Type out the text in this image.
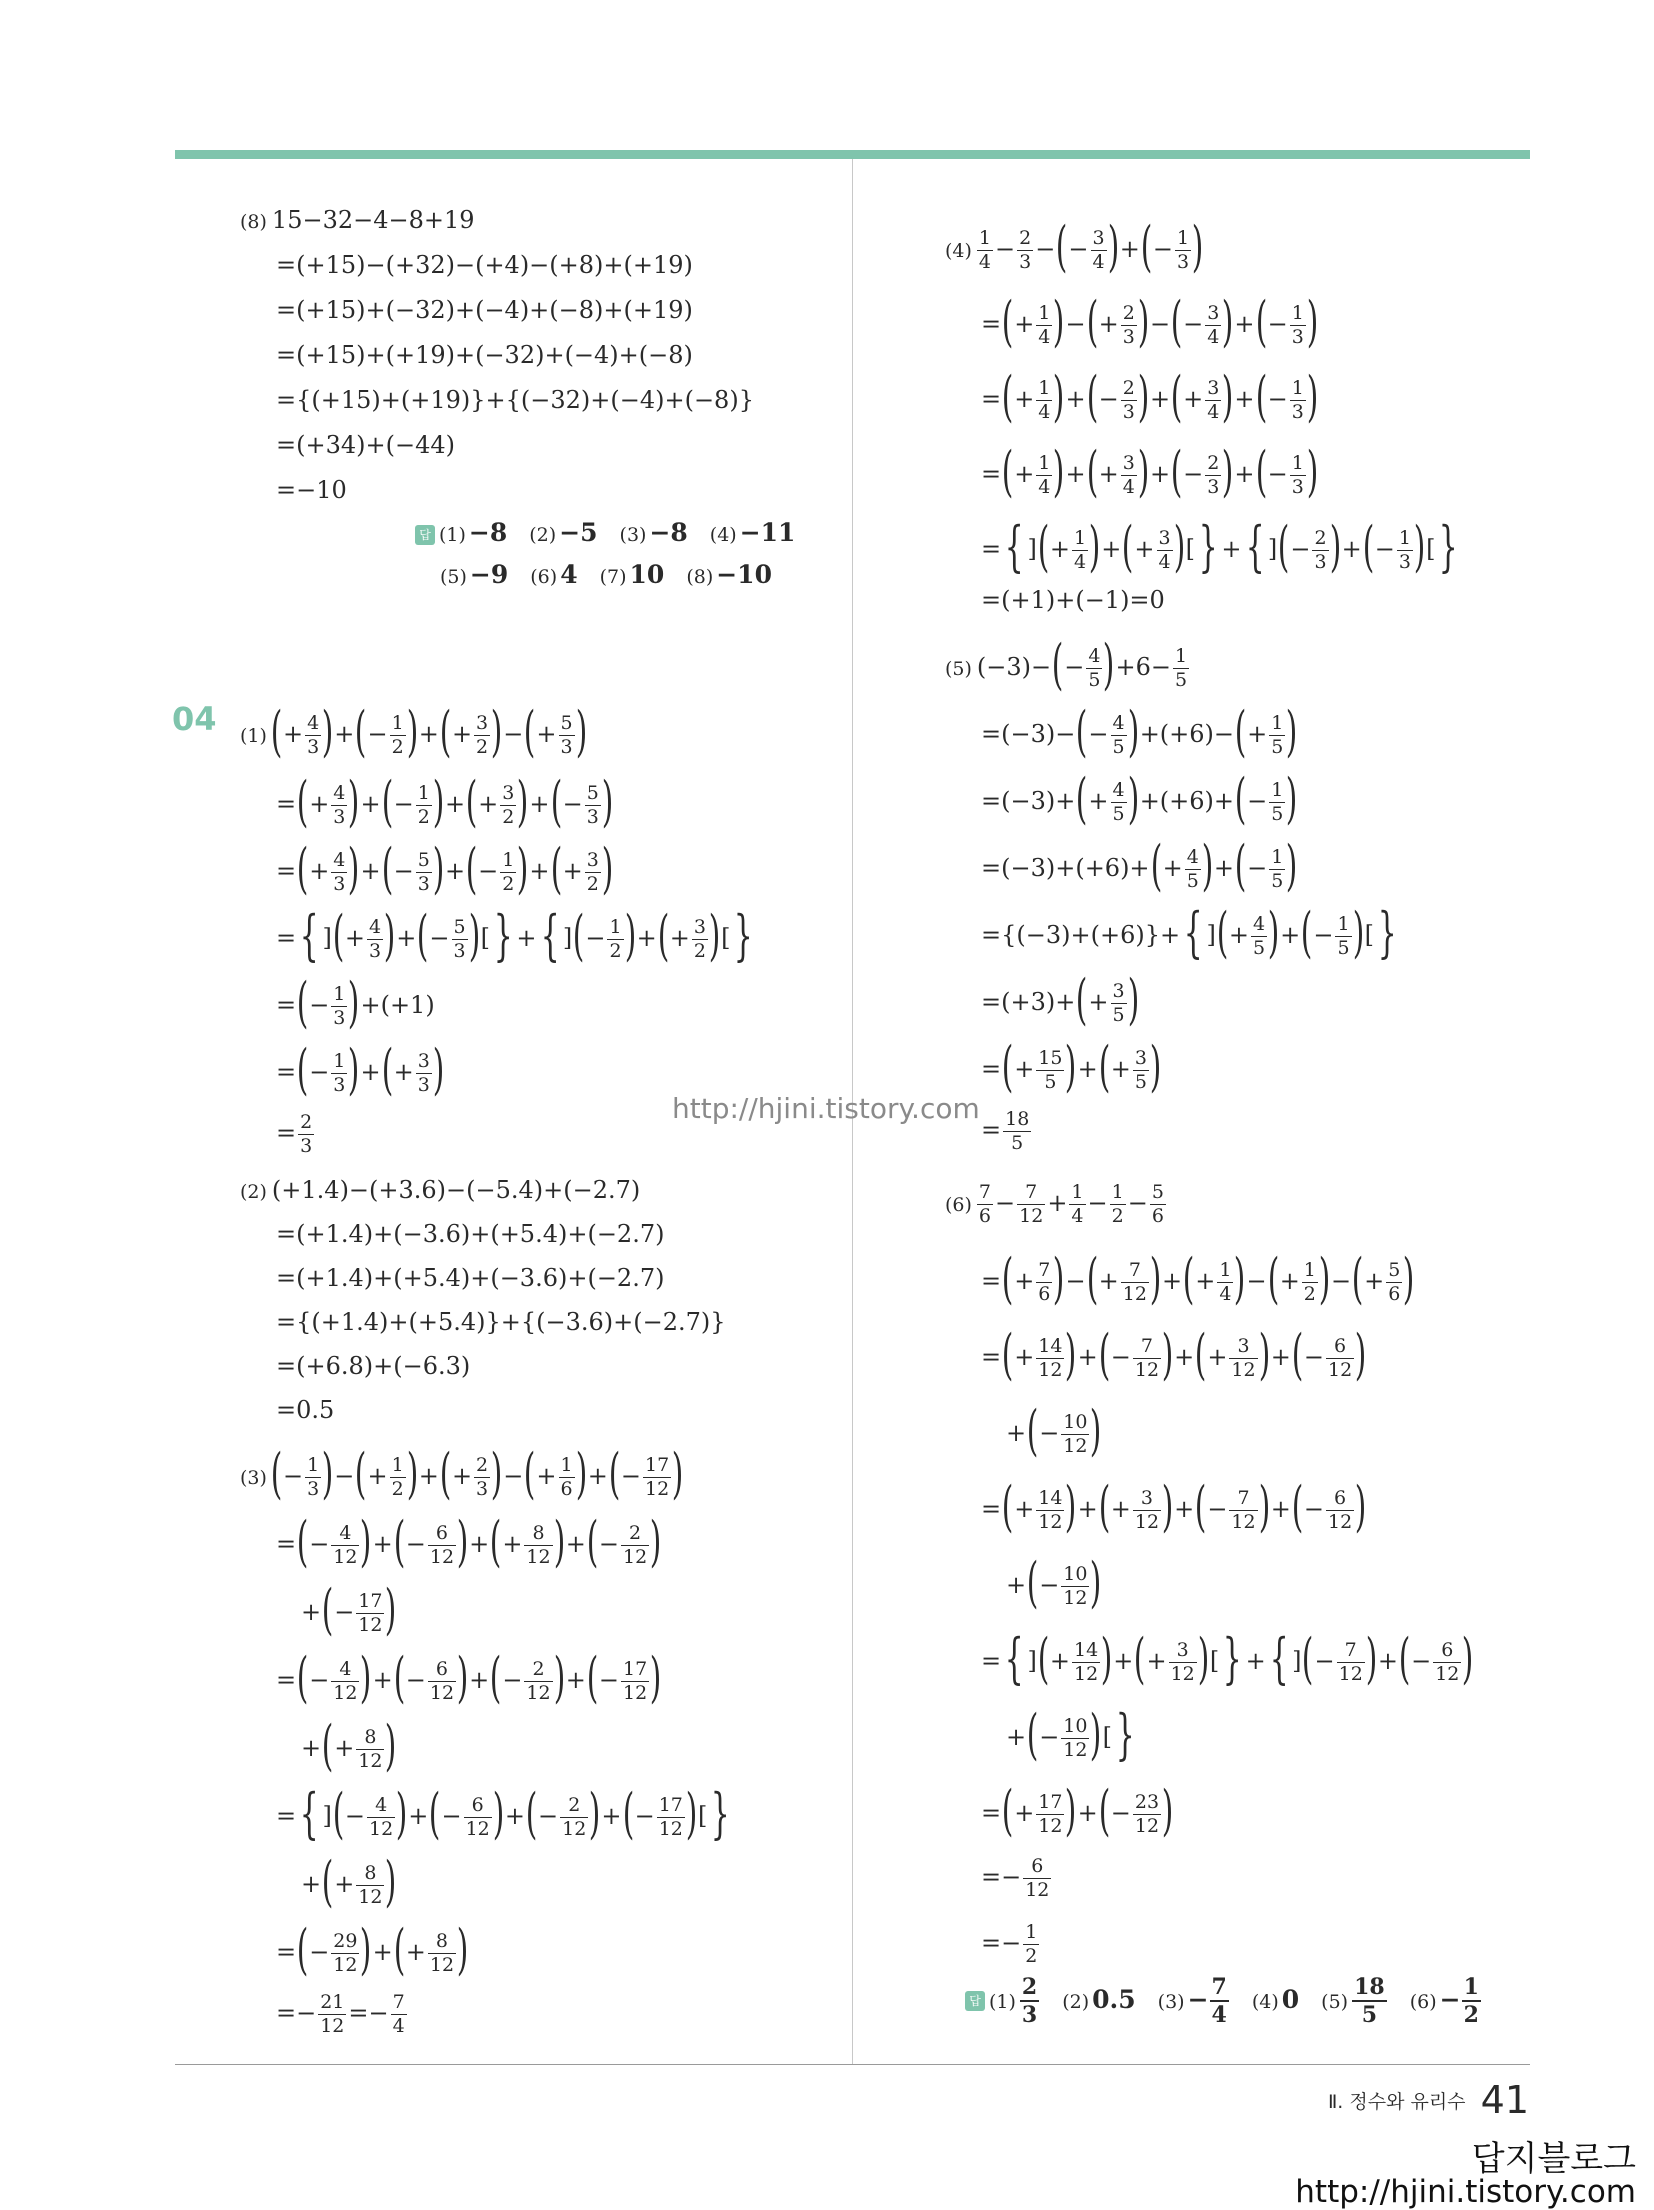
(8) 15−32−4−8+19
=(+15)−(+32)−(+4)−(+8)+(+19)
=(+15)+(−32)+(−4)+(−8)+(+19)
=(+15)+(+19)+(−32)+(−4)+(−8)
={(+15)+(+19)}+{(−32)+(−4)+(−8)}
=(+34)+(−44)
=−10
$(1)(+ \frac{4}{3}$ )+(− $\frac{1}{2}$ )+(+ $\frac{3}{2}$ )−(+ $\frac{5}{3}$ )
=(+ $\frac{4}{3}$ )+(− $\frac{1}{2}$ )+(+ $\frac{3}{2}$ )+(− $\frac{5}{3}$ )
=(+ $\frac{4}{3}$ )+(− $\frac{5}{3}$ )+(− $\frac{1}{2}$ )+(+ $\frac{3}{2}$ )
={ ](+ $\frac{4}{3}$ )+(− $\frac{5}{3}$ )[} +{ ](− $\frac{1}{2}$ )+(+ $\frac{3}{2}$ )[}
=(− $\frac{1}{3} )+(+1)$
=(− $\frac{1}{3}$ )+(+ $\frac{3}{3}$ )
= $\frac{2}{3}$
(2) (+1.4)−(+3.6)−(−5.4)+(−2.7)
=(+1.4)+(−3.6)+(+5.4)+(−2.7)
=(+1.4)+(+5.4)+(−3.6)+(−2.7)
={(+1.4)+(+5.4)}+{(−3.6)+(−2.7)}
=(+6.8)+(−6.3)
=0.5
$(3)(- \frac{1}{3}$ )−(+ $\frac{1}{2}$ )+(+ $\frac{2}{3}$ )−(+ $\frac{1}{6}$ )+(− $\frac{17}{12}$ )
=(− $\frac{4}{12}$ )+(− $\frac{6}{12}$ )+(+ $\frac{8}{12}$ )+(− $\frac{2}{12}$ )
+(− $\frac{17}{12}$ )
=(− $\frac{4}{12}$ )+(− $\frac{6}{12}$ )+(− $\frac{2}{12}$ )+(− $\frac{17}{12}$ )
+(+ $\frac{8}{12}$ )
={ ](− $\frac{4}{12}$ )+(− $\frac{6}{12}$ )+(− $\frac{2}{12}$ )+(− $\frac{17}{12}$ )[}
+(+ $\frac{8}{12}$ )
=(− $\frac{29}{12}$ )+(+ $\frac{8}{12}$ )
=− $\frac{21}{12} =- \frac{7}{4}$
$(4) \frac{1}{4} - \frac{2}{3}$ −(− $\frac{3}{4}$ )+(− $\frac{1}{3}$ )
=(+ $\frac{1}{4}$ )−(+ $\frac{2}{3}$ )−(− $\frac{3}{4}$ )+(− $\frac{1}{3}$ )
=(+ $\frac{1}{4}$ )+(− $\frac{2}{3}$ )+(+ $\frac{3}{4}$ )+(− $\frac{1}{3}$ )
=(+ $\frac{1}{4}$ )+(+ $\frac{3}{4}$ )+(− $\frac{2}{3}$ )+(− $\frac{1}{3}$ )
={ ](+ $\frac{1}{4}$ )+(+ $\frac{3}{4}$ )[} +{ ](− $\frac{2}{3}$ )+(− $\frac{1}{3}$ )[}
=(+1)+(−1)=0
(5) $(-3)-(- \frac{4}{5} )+6- \frac{1}{5}$
$=(-3)-(- \frac{4}{5} )+(+6)-(+ \frac{1}{5}$ )
$=(-3)+(+ \frac{4}{5} )+(+6)+(- \frac{1}{5}$ )
$=(-3)+(+6)+(+ \frac{4}{5}$ )+(− $\frac{1}{5}$ )
={(−3)+(+6)}+{ ](+ $\frac{4}{5}$ )+(− $\frac{1}{5}$ )[}
$=(+3)+(+ \frac{3}{5}$ )
=(+ $\frac{15}{5}$ )+(+ $\frac{3}{5}$ )
= $\frac{18}{5}$
$(6) \frac{7}{6} - \frac{7}{12} + \frac{1}{4} - \frac{1}{2} - \frac{5}{6}$
=(+ $\frac{7}{6}$ )−(+ $\frac{7}{12}$ )+(+ $\frac{1}{4}$ )−(+ $\frac{1}{2}$ )−(+ $\frac{5}{6}$ )
=(+ $\frac{14}{12}$ )+(− $\frac{7}{12}$ )+(+ $\frac{3}{12}$ )+(− $\frac{6}{12}$ )
+(− $\frac{10}{12}$ )
=(+ $\frac{14}{12}$ )+(+ $\frac{3}{12}$ )+(− $\frac{7}{12}$ )+(− $\frac{6}{12}$ )
+(− $\frac{10}{12}$ )
={ ](+ $\frac{14}{12}$ )+(+ $\frac{3}{12}$ )[} +{ ](− $\frac{7}{12}$ )+(− $\frac{6}{12}$ )
+(− $\frac{10}{12}$ )[}
=(+ $\frac{17}{12}$ )+(− $\frac{23}{12}$ )
=− $\frac{6}{12}$
=− $\frac{1}{2}$
04
답 (1) −8 (2) −5 (3) −8 (4) −11
(5) −9 (6) 4 (7) 10 (8) −10
답 $(1) \frac{2}{3} (2)$ 0.5 $(3) - \frac{7}{4} (4)$ 0 $(5) \frac{18}{5} (6) - \frac{1}{2}$
http://hjini.tistory.com
Ⅱ. 정수와 유리수 41
답지블로그
http://hjini.tistory.com
